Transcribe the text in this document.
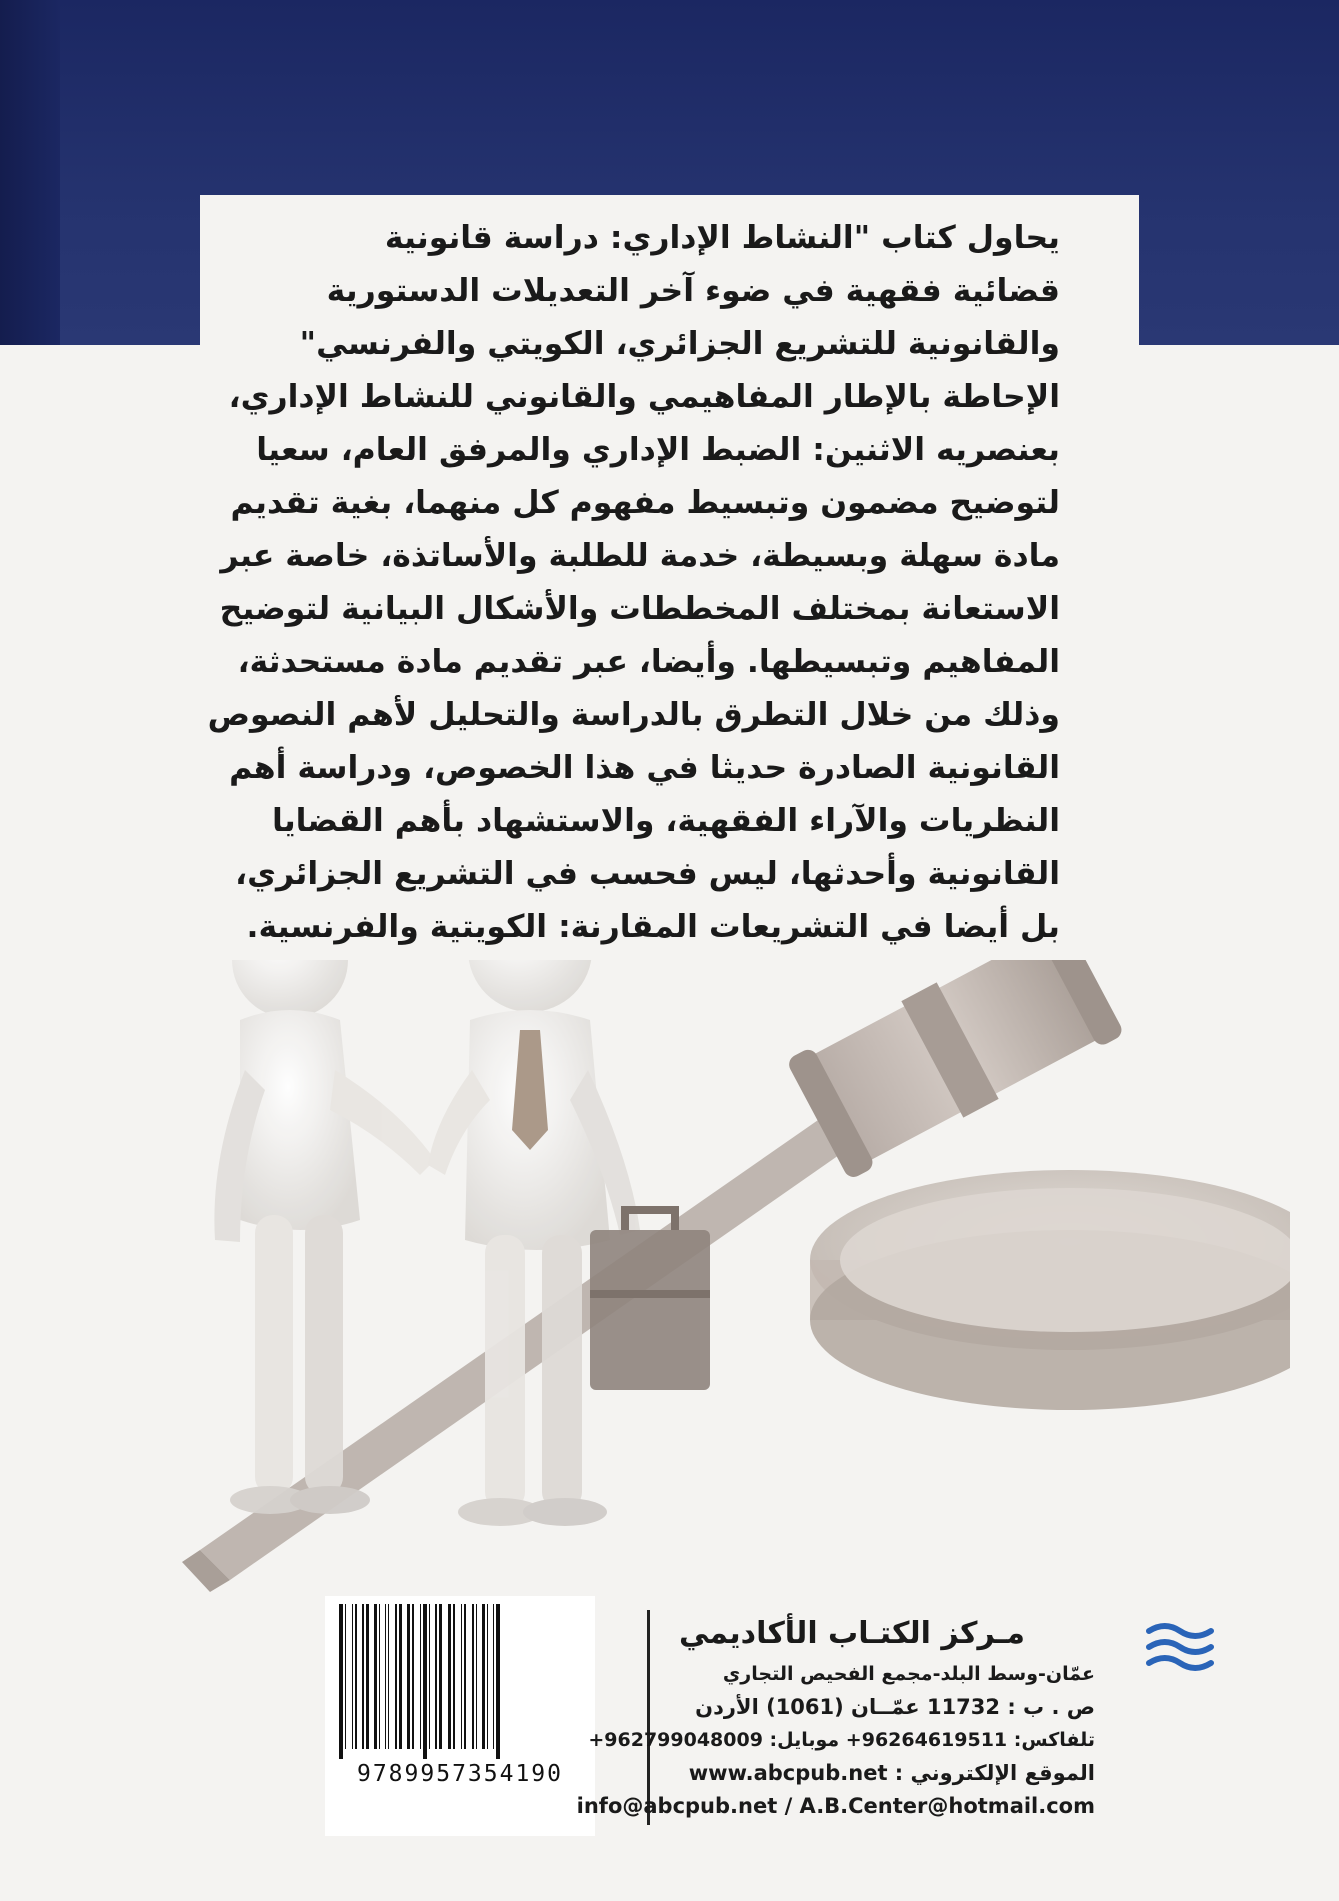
يحاول كتاب "النشاط الإداري: دراسة قانونية
قضائية فقهية في ضوء آخر التعديلات الدستورية
والقانونية للتشريع الجزائري، الكويتي والفرنسي"
الإحاطة بالإطار المفاهيمي والقانوني للنشاط الإداري،
بعنصريه الاثنين: الضبط الإداري والمرفق العام، سعيا
لتوضيح مضمون وتبسيط مفهوم كل منهما، بغية تقديم
مادة سهلة وبسيطة، خدمة للطلبة والأساتذة، خاصة عبر
الاستعانة بمختلف المخططات والأشكال البيانية لتوضيح
المفاهيم وتبسيطها. وأيضا، عبر تقديم مادة مستحدثة،
وذلك من خلال التطرق بالدراسة والتحليل لأهم النصوص
القانونية الصادرة حديثا في هذا الخصوص، ودراسة أهم
النظريات والآراء الفقهية، والاستشهاد بأهم القضايا
القانونية وأحدثها، ليس فحسب في التشريع الجزائري،
بل أيضا في التشريعات المقارنة: الكويتية والفرنسية.
9789957354190

مـركز الكتـاب الأكاديمي

عمّان-وسط البلد-مجمع الفحيص التجاري

ص . ب : 11732 عمّــان (1061) الأردن

تلفاكس: 96264619511+ موبايل: 962799048009+

الموقع الإلكتروني : www.abcpub.net

info@abcpub.net / A.B.Center@hotmail.com
